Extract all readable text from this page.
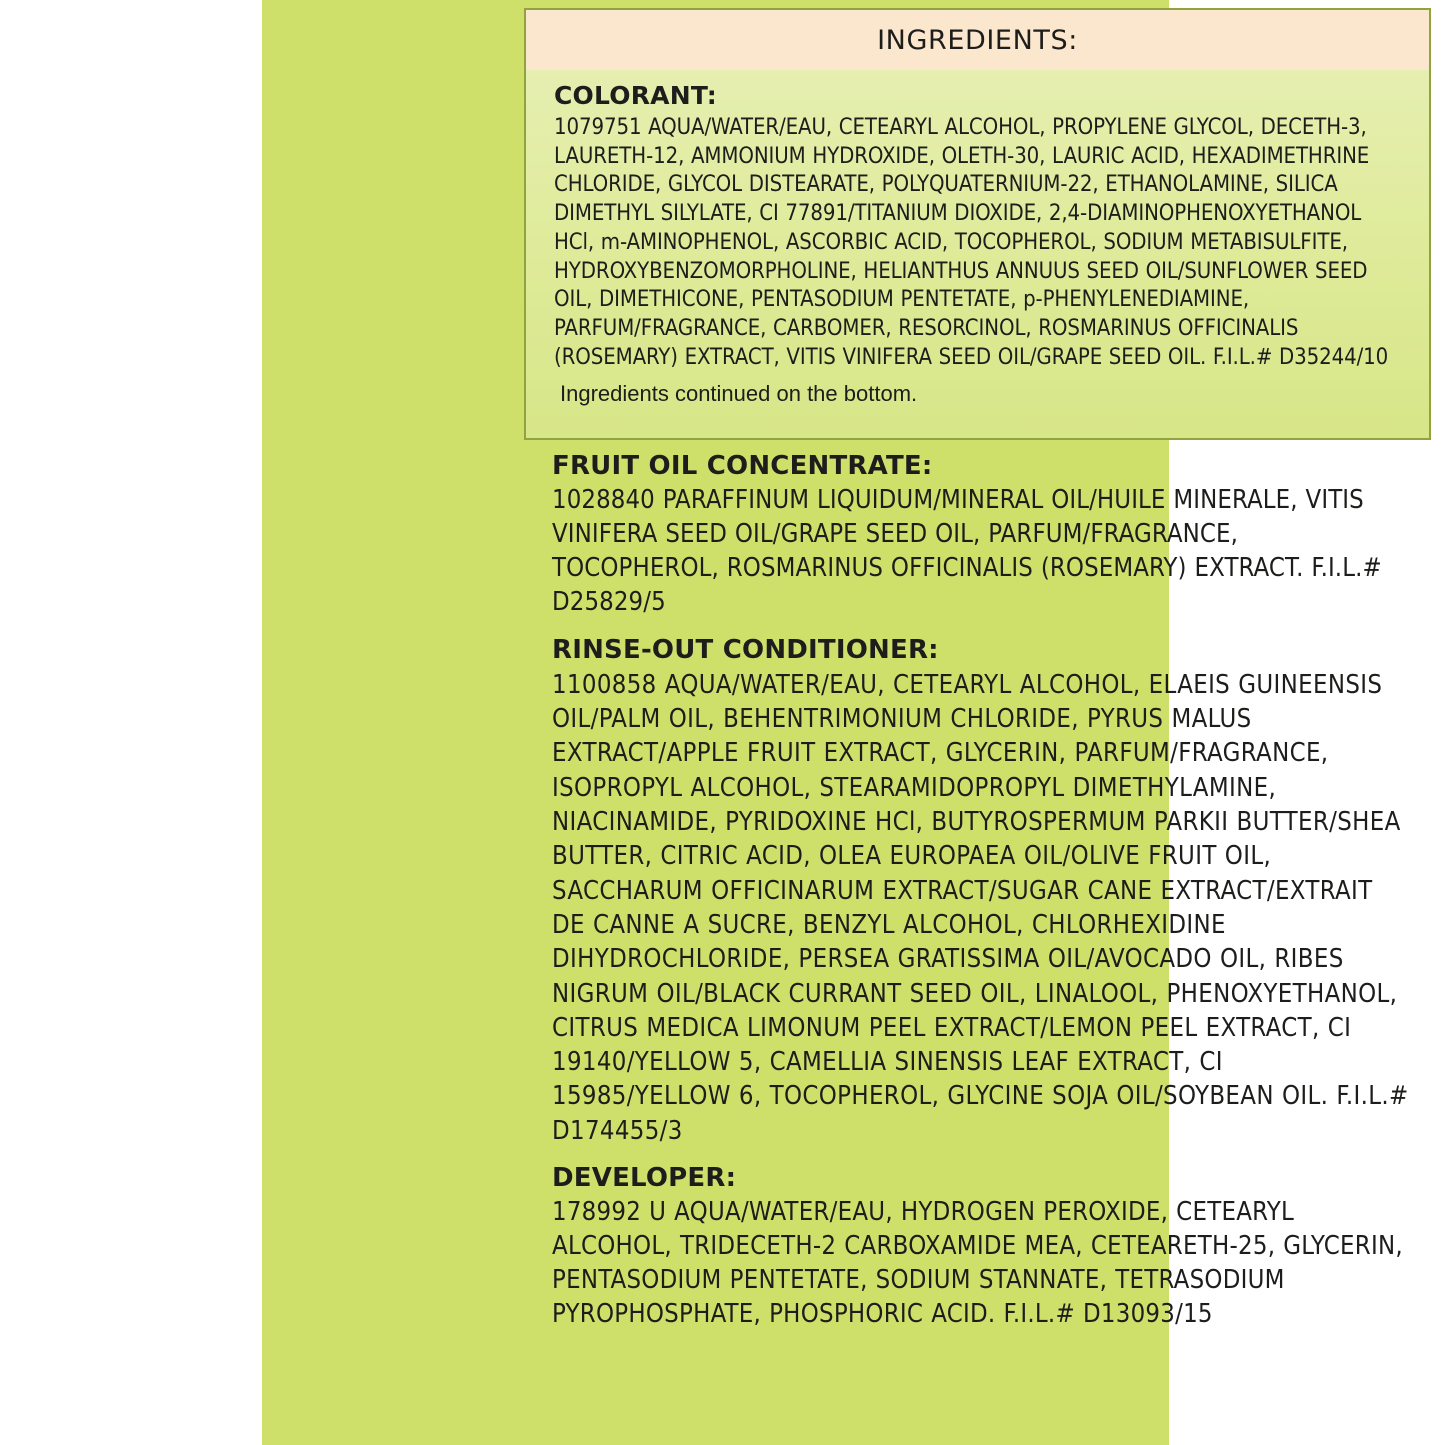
INGREDIENTS:

COLORANT:

1079751 AQUA/WATER/EAU, CETEARYL ALCOHOL, PROPYLENE GLYCOL, DECETH-3, LAURETH-12, AMMONIUM HYDROXIDE, OLETH-30, LAURIC ACID, HEXADIMETHRINE CHLORIDE, GLYCOL DISTEARATE, POLYQUATERNIUM-22, ETHANOLAMINE, SILICA DIMETHYL SILYLATE, CI 77891/TITANIUM DIOXIDE, 2,4-DIAMINOPHENOXYETHANOL HCl, m-AMINOPHENOL, ASCORBIC ACID, TOCOPHEROL, SODIUM METABISULFITE, HYDROXYBENZOMORPHOLINE, HELIANTHUS ANNUUS SEED OIL/SUNFLOWER SEED OIL, DIMETHICONE, PENTASODIUM PENTETATE, p-PHENYLENEDIAMINE, PARFUM/FRAGRANCE, CARBOMER, RESORCINOL, ROSMARINUS OFFICINALIS (ROSEMARY) EXTRACT, VITIS VINIFERA SEED OIL/GRAPE SEED OIL. F.I.L.# D35244/10

Ingredients continued on the bottom.

FRUIT OIL CONCENTRATE:

1028840 PARAFFINUM LIQUIDUM/MINERAL OIL/HUILE MINERALE, VITIS VINIFERA SEED OIL/GRAPE SEED OIL, PARFUM/FRAGRANCE, TOCOPHEROL, ROSMARINUS OFFICINALIS (ROSEMARY) EXTRACT. F.I.L.# D25829/5

RINSE-OUT CONDITIONER:

1100858 AQUA/WATER/EAU, CETEARYL ALCOHOL, ELAEIS GUINEENSIS OIL/PALM OIL, BEHENTRIMONIUM CHLORIDE, PYRUS MALUS EXTRACT/APPLE FRUIT EXTRACT, GLYCERIN, PARFUM/FRAGRANCE, ISOPROPYL ALCOHOL, STEARAMIDOPROPYL DIMETHYLAMINE, NIACINAMIDE, PYRIDOXINE HCl, BUTYROSPERMUM PARKII BUTTER/SHEA BUTTER, CITRIC ACID, OLEA EUROPAEA OIL/OLIVE FRUIT OIL, SACCHARUM OFFICINARUM EXTRACT/SUGAR CANE EXTRACT/EXTRAIT DE CANNE A SUCRE, BENZYL ALCOHOL, CHLORHEXIDINE DIHYDROCHLORIDE, PERSEA GRATISSIMA OIL/AVOCADO OIL, RIBES NIGRUM OIL/BLACK CURRANT SEED OIL, LINALOOL, PHENOXYETHANOL, CITRUS MEDICA LIMONUM PEEL EXTRACT/LEMON PEEL EXTRACT, CI 19140/YELLOW 5, CAMELLIA SINENSIS LEAF EXTRACT, CI 15985/YELLOW 6, TOCOPHEROL, GLYCINE SOJA OIL/SOYBEAN OIL. F.I.L.# D174455/3

DEVELOPER:

178992 U AQUA/WATER/EAU, HYDROGEN PEROXIDE, CETEARYL ALCOHOL, TRIDECETH-2 CARBOXAMIDE MEA, CETEARETH-25, GLYCERIN, PENTASODIUM PENTETATE, SODIUM STANNATE, TETRASODIUM PYROPHOSPHATE, PHOSPHORIC ACID. F.I.L.# D13093/15
